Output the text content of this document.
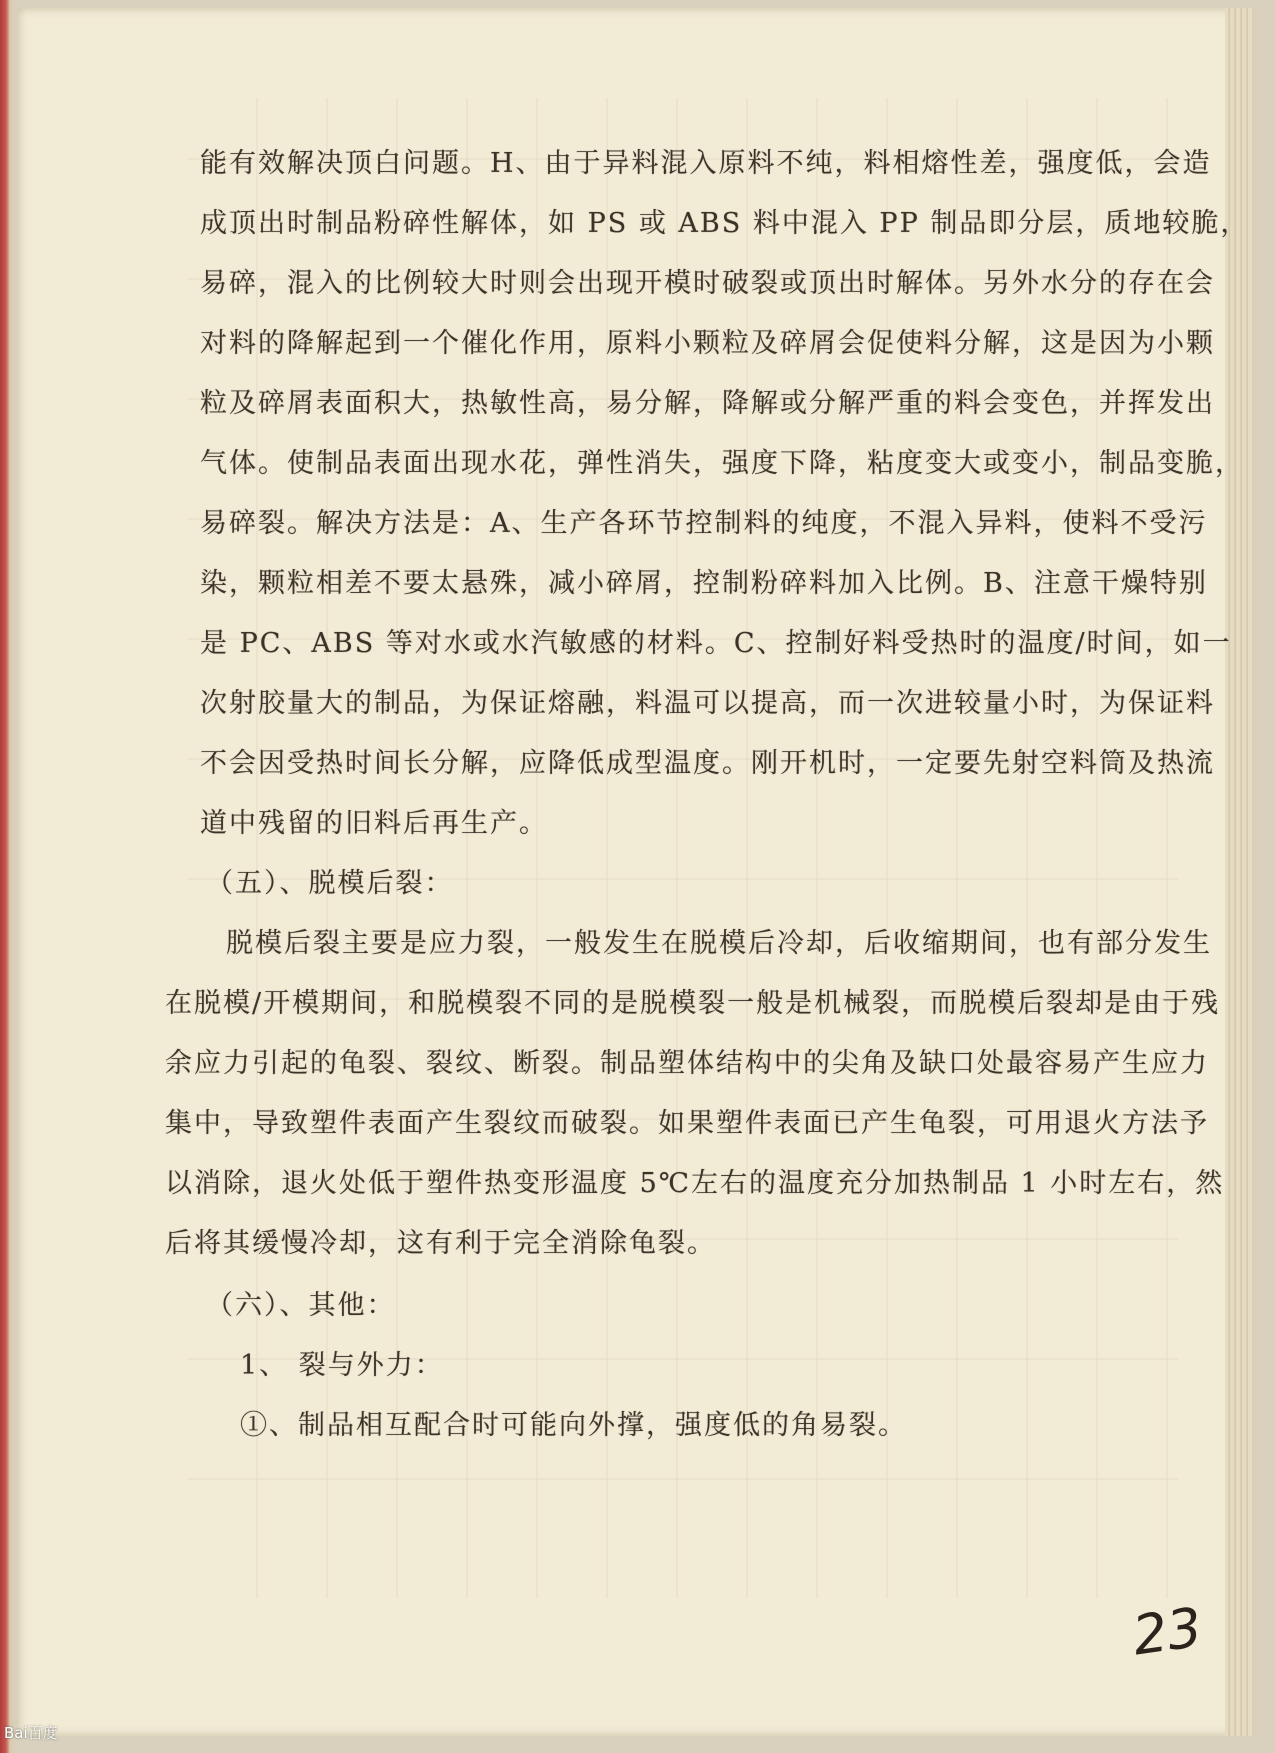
能有效解决顶白问题。H、由于异料混入原料不纯，料相熔性差，强度低，会造

成顶出时制品粉碎性解体，如 PS 或 ABS 料中混入 PP 制品即分层，质地较脆，

易碎，混入的比例较大时则会出现开模时破裂或顶出时解体。另外水分的存在会

对料的降解起到一个催化作用，原料小颗粒及碎屑会促使料分解，这是因为小颗

粒及碎屑表面积大，热敏性高，易分解，降解或分解严重的料会变色，并挥发出

气体。使制品表面出现水花，弹性消失，强度下降，粘度变大或变小，制品变脆，

易碎裂。解决方法是：A、生产各环节控制料的纯度，不混入异料，使料不受污

染，颗粒相差不要太悬殊，减小碎屑，控制粉碎料加入比例。B、注意干燥特别

是 PC、ABS 等对水或水汽敏感的材料。C、控制好料受热时的温度/时间，如一

次射胶量大的制品，为保证熔融，料温可以提高，而一次进较量小时，为保证料

不会因受热时间长分解，应降低成型温度。刚开机时，一定要先射空料筒及热流

道中残留的旧料后再生产。

（五）、脱模后裂：

脱模后裂主要是应力裂，一般发生在脱模后冷却，后收缩期间，也有部分发生

在脱模/开模期间，和脱模裂不同的是脱模裂一般是机械裂，而脱模后裂却是由于残

余应力引起的龟裂、裂纹、断裂。制品塑体结构中的尖角及缺口处最容易产生应力

集中，导致塑件表面产生裂纹而破裂。如果塑件表面已产生龟裂，可用退火方法予

以消除，退火处低于塑件热变形温度 5℃左右的温度充分加热制品 1 小时左右，然

后将其缓慢冷却，这有利于完全消除龟裂。

（六）、其他：

1、 裂与外力：

①、制品相互配合时可能向外撑，强度低的角易裂。

23
Bai百度
